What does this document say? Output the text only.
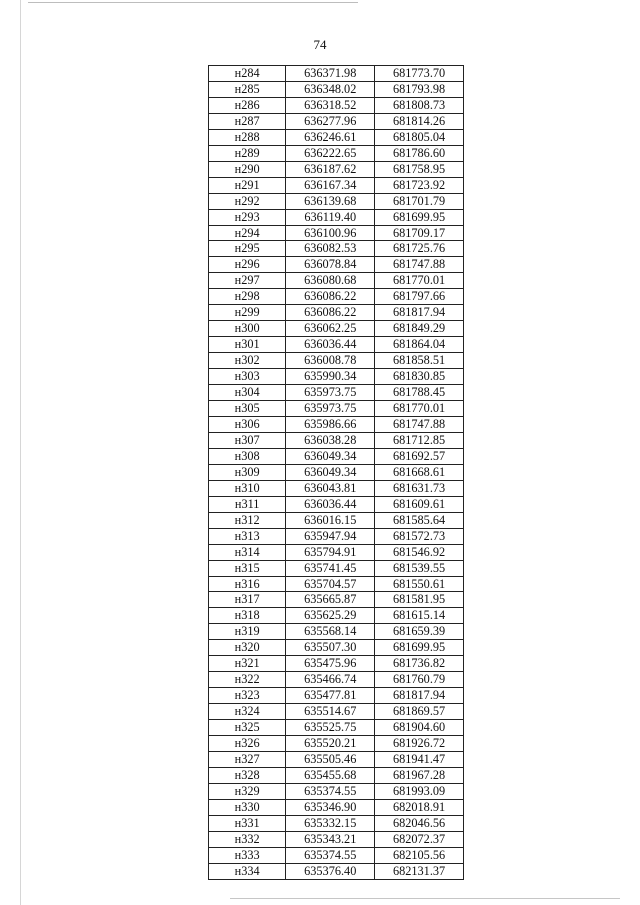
74
н284	636371.98	681773.70
н285	636348.02	681793.98
н286	636318.52	681808.73
н287	636277.96	681814.26
н288	636246.61	681805.04
н289	636222.65	681786.60
н290	636187.62	681758.95
н291	636167.34	681723.92
н292	636139.68	681701.79
н293	636119.40	681699.95
н294	636100.96	681709.17
н295	636082.53	681725.76
н296	636078.84	681747.88
н297	636080.68	681770.01
н298	636086.22	681797.66
н299	636086.22	681817.94
н300	636062.25	681849.29
н301	636036.44	681864.04
н302	636008.78	681858.51
н303	635990.34	681830.85
н304	635973.75	681788.45
н305	635973.75	681770.01
н306	635986.66	681747.88
н307	636038.28	681712.85
н308	636049.34	681692.57
н309	636049.34	681668.61
н310	636043.81	681631.73
н311	636036.44	681609.61
н312	636016.15	681585.64
н313	635947.94	681572.73
н314	635794.91	681546.92
н315	635741.45	681539.55
н316	635704.57	681550.61
н317	635665.87	681581.95
н318	635625.29	681615.14
н319	635568.14	681659.39
н320	635507.30	681699.95
н321	635475.96	681736.82
н322	635466.74	681760.79
н323	635477.81	681817.94
н324	635514.67	681869.57
н325	635525.75	681904.60
н326	635520.21	681926.72
н327	635505.46	681941.47
н328	635455.68	681967.28
н329	635374.55	681993.09
н330	635346.90	682018.91
н331	635332.15	682046.56
н332	635343.21	682072.37
н333	635374.55	682105.56
н334	635376.40	682131.37
